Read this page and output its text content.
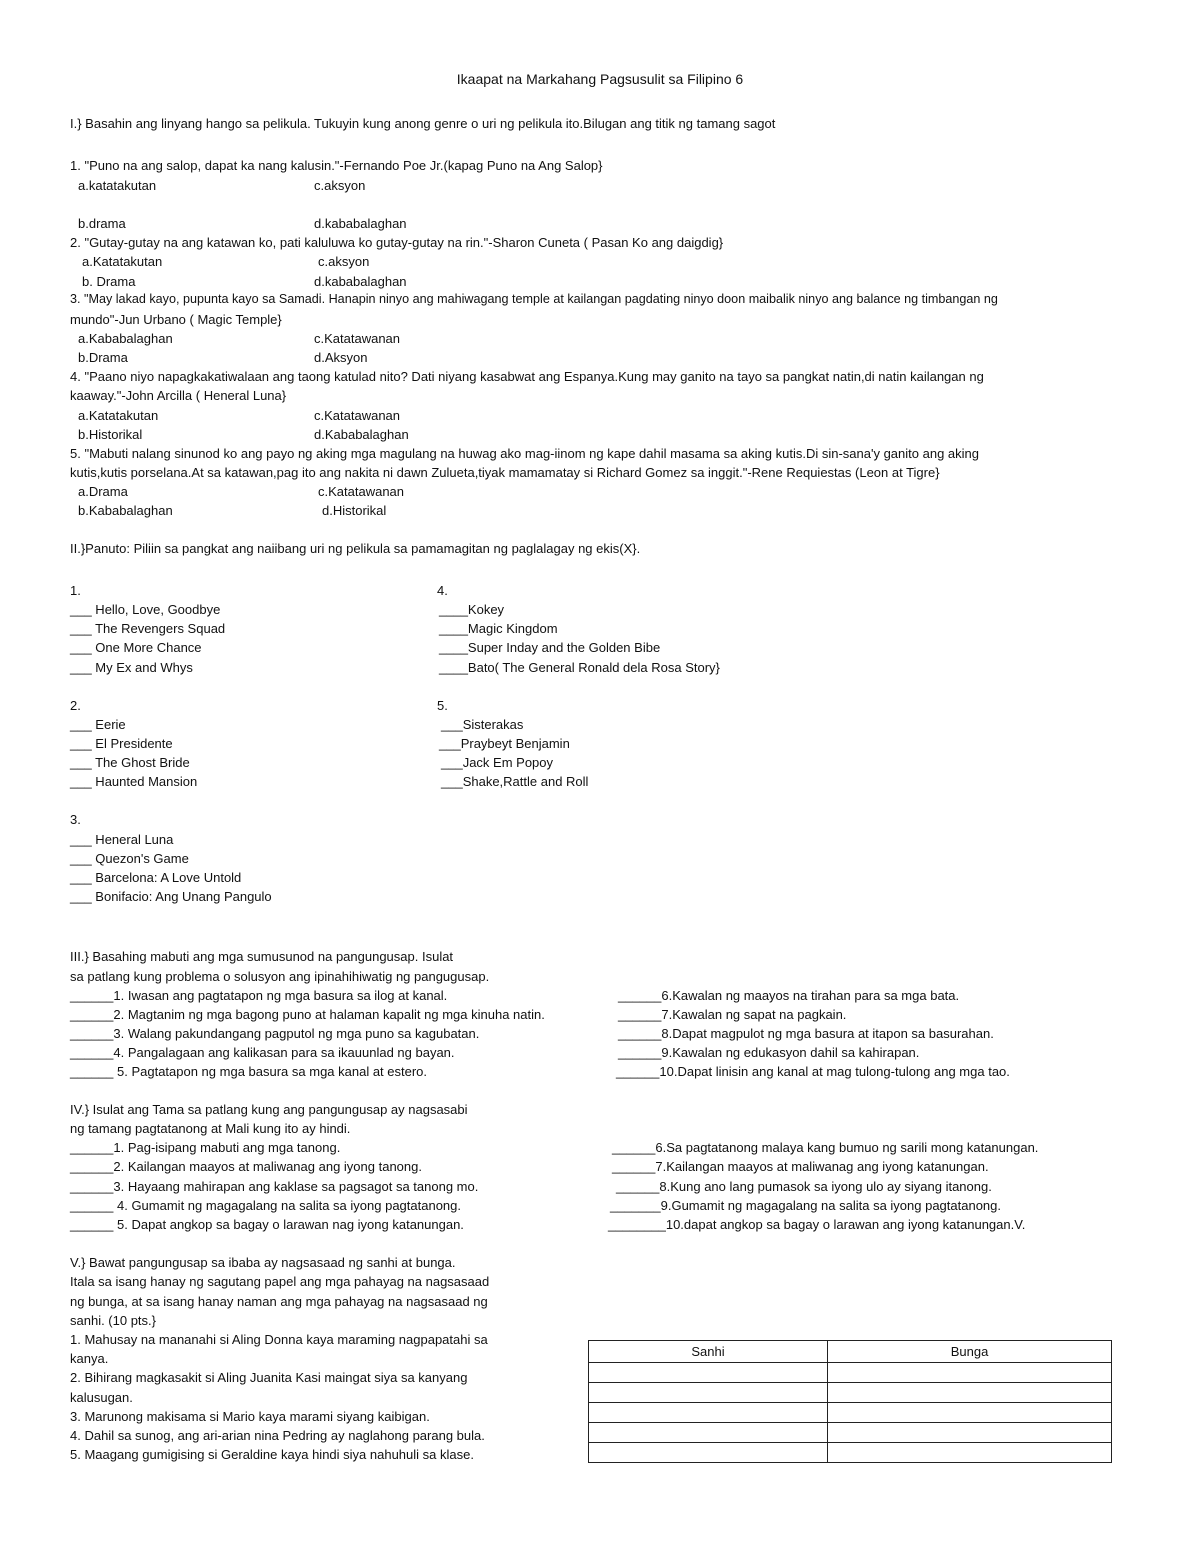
Ikaapat na Markahang Pagsusulit sa Filipino 6
I.} Basahin ang linyang hango sa pelikula. Tukuyin kung anong genre o uri ng pelikula ito.Bilugan ang titik ng tamang sagot
1. "Puno na ang salop, dapat ka nang kalusin."-Fernando Poe Jr.(kapag Puno na Ang Salop}
a.katatakutan	c.aksyon
b.drama	d.kababalaghan
2. "Gutay-gutay na ang katawan ko, pati kaluluwa ko gutay-gutay na rin."-Sharon Cuneta ( Pasan Ko ang daigdig}
a.Katatakutan	c.aksyon
b. Drama	d.kababalaghan
3. "May lakad kayo, pupunta kayo sa Samadi. Hanapin ninyo ang mahiwagang temple at kailangan pagdating ninyo doon maibalik ninyo ang balance ng timbangan ng
mundo"-Jun Urbano ( Magic Temple}
a.Kababalaghan	c.Katatawanan
b.Drama	d.Aksyon
4. "Paano niyo napagkakatiwalaan ang taong katulad nito? Dati niyang kasabwat ang Espanya.Kung may ganito na tayo sa pangkat natin,di natin kailangan ng
kaaway."-John Arcilla ( Heneral Luna}
a.Katatakutan	c.Katatawanan
b.Historikal	d.Kababalaghan
5. "Mabuti nalang sinunod ko ang payo ng aking mga magulang na huwag ako mag-iinom ng kape dahil masama sa aking kutis.Di sin-sana'y ganito ang aking
kutis,kutis porselana.At sa katawan,pag ito ang nakita ni dawn Zulueta,tiyak mamamatay si Richard Gomez sa inggit."-Rene Requiestas (Leon at Tigre}
a.Drama	c.Katatawanan
b.Kababalaghan	d.Historikal
II.}Panuto: Piliin sa pangkat ang naiibang uri ng pelikula sa pamamagitan ng paglalagay ng ekis(X}.
1.
___ Hello, Love, Goodbye
___ The Revengers Squad
___ One More Chance
___ My Ex and Whys
4.
____Kokey
____Magic Kingdom
____Super Inday and the Golden Bibe
____Bato( The General Ronald dela Rosa Story}
2.
___ Eerie
___ El Presidente
___ The Ghost Bride
___ Haunted Mansion
5.
___Sisterakas
___Praybeyt Benjamin
___Jack Em Popoy
___Shake,Rattle and Roll
3.
___ Heneral Luna
___ Quezon's Game
___ Barcelona: A Love Untold
___ Bonifacio: Ang Unang Pangulo
III.} Basahing mabuti ang mga sumusunod na pangungusap. Isulat
sa patlang kung problema o solusyon ang ipinahihiwatig ng pangugusap.
______1. Iwasan ang pagtatapon ng mga basura sa ilog at kanal.
______2. Magtanim ng mga bagong puno at halaman kapalit ng mga kinuha natin.
______3. Walang pakundangang pagputol ng mga puno sa kagubatan.
______4. Pangalagaan ang kalikasan para sa ikauunlad ng bayan.
______ 5. Pagtatapon ng mga basura sa mga kanal at estero.
______6.Kawalan ng maayos na tirahan para sa mga bata.
______7.Kawalan ng sapat na pagkain.
______8.Dapat magpulot ng mga basura at itapon sa basurahan.
______9.Kawalan ng edukasyon dahil sa kahirapan.
______10.Dapat linisin ang kanal at mag tulong-tulong ang mga tao.
IV.} Isulat ang Tama sa patlang kung ang pangungusap ay nagsasabi
ng tamang pagtatanong at Mali kung ito ay hindi.
______1. Pag-isipang mabuti ang mga tanong.
______2. Kailangan maayos at maliwanag ang iyong tanong.
______3. Hayaang mahirapan ang kaklase sa pagsagot sa tanong mo.
______ 4. Gumamit ng magagalang na salita sa iyong pagtatanong.
______ 5. Dapat angkop sa bagay o larawan nag iyong katanungan.
______6.Sa pagtatanong malaya kang bumuo ng sarili mong katanungan.
______7.Kailangan maayos at maliwanag ang iyong katanungan.
______8.Kung ano lang pumasok sa iyong ulo ay siyang itanong.
_______9.Gumamit ng magagalang na salita sa iyong pagtatanong.
________10.dapat angkop sa bagay o larawan ang iyong katanungan.V.
V.} Bawat pangungusap sa ibaba ay nagsasaad ng sanhi at bunga.
Itala sa isang hanay ng sagutang papel ang mga pahayag na nagsasaad
ng bunga, at sa isang hanay naman ang mga pahayag na nagsasaad ng
sanhi. (10 pts.}
1. Mahusay na mananahi si Aling Donna kaya maraming nagpapatahi sa
kanya.
2. Bihirang magkasakit si Aling Juanita Kasi maingat siya sa kanyang
kalusugan.
3. Marunong makisama si Mario kaya marami siyang kaibigan.
4. Dahil sa sunog, ang ari-arian nina Pedring ay naglahong parang bula.
5. Maagang gumigising si Geraldine kaya hindi siya nahuhuli sa klase.
Sanhi	Bunga
